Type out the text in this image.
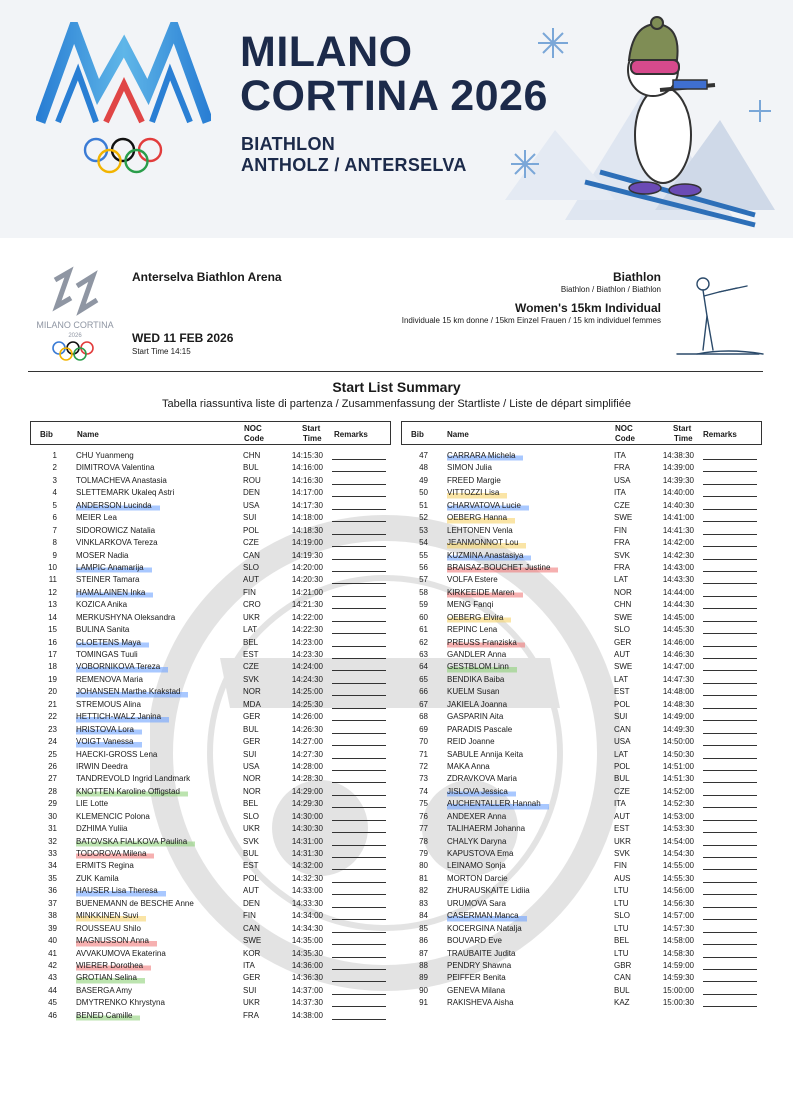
MILANO
CORTINA 2026
BIATHLON
ANTHOLZ / ANTERSELVA
MILANO CORTINA
2026
Anterselva Biathlon Arena
WED 11 FEB 2026
Start Time 14:15
Biathlon
Biathlon / Biathlon / Biathlon
Women's 15km Individual
Individuale 15 km donne / 15km Einzel Frauen / 15 km individuel femmes
Start List Summary
Tabella riassuntiva liste di partenza / Zusammenfassung der Startliste / Liste de départ simplifiée
Bib	Name
NOC
Code
Start
Time Remarks
1 CHU Yuanmeng	CHN	14:15:30
2 DIMITROVA Valentina	BUL	14:16:00
3 TOLMACHEVA Anastasia	ROU	14:16:30
4 SLETTEMARK Ukaleq Astri	DEN	14:17:00
5 ANDERSON Lucinda	USA	14:17:30
6 MEIER Lea	SUI	14:18:00
7 SIDOROWICZ Natalia	POL	14:18:30
8 VINKLARKOVA Tereza	CZE	14:19:00
9 MOSER Nadia	CAN	14:19:30
10 LAMPIC Anamarija	SLO	14:20:00
11 STEINER Tamara	AUT	14:20:30
12 HAMALAINEN Inka	FIN	14:21:00
13 KOZICA Anika	CRO	14:21:30
14 MERKUSHYNA Oleksandra	UKR	14:22:00
15 BULINA Sanita	LAT	14:22:30
16 CLOETENS Maya	BEL	14:23:00
17 TOMINGAS Tuuli	EST	14:23:30
18 VOBORNIKOVA Tereza	CZE	14:24:00
19 REMENOVA Maria	SVK	14:24:30
20 JOHANSEN Marthe Krakstad	NOR	14:25:00
21 STREMOUS Alina	MDA	14:25:30
22 HETTICH-WALZ Janina	GER	14:26:00
23 HRISTOVA Lora	BUL	14:26:30
24 VOIGT Vanessa	GER	14:27:00
25 HAECKI-GROSS Lena	SUI	14:27:30
26 IRWIN Deedra	USA	14:28:00
27 TANDREVOLD Ingrid Landmark	NOR	14:28:30
28 KNOTTEN Karoline Offigstad	NOR	14:29:00
29 LIE Lotte	BEL	14:29:30
30 KLEMENCIC Polona	SLO	14:30:00
31 DZHIMA Yuliia	UKR	14:30:30
32 BATOVSKA FIALKOVA Paulina	SVK	14:31:00
33 TODOROVA Milena	BUL	14:31:30
34 ERMITS Regina	EST	14:32:00
35 ZUK Kamila	POL	14:32:30
36 HAUSER Lisa Theresa	AUT	14:33:00
37 BUENEMANN de BESCHE Anne	DEN	14:33:30
38 MINKKINEN Suvi	FIN	14:34:00
39 ROUSSEAU Shilo	CAN	14:34:30
40 MAGNUSSON Anna	SWE	14:35:00
41 AVVAKUMOVA Ekaterina	KOR	14:35:30
42 WIERER Dorothea	ITA	14:36:00
43 GROTIAN Selina	GER	14:36:30
44 BASERGA Amy	SUI	14:37:00
45 DMYTRENKO Khrystyna	UKR	14:37:30
46 BENED Camille	FRA	14:38:00
Bib	Name
NOC
Code
Start
Time Remarks
47 CARRARA Michela	ITA	14:38:30
48 SIMON Julia	FRA	14:39:00
49 FREED Margie	USA	14:39:30
50 VITTOZZI Lisa	ITA	14:40:00
51 CHARVATOVA Lucie	CZE	14:40:30
52 OEBERG Hanna	SWE	14:41:00
53 LEHTONEN Venla	FIN	14:41:30
54 JEANMONNOT Lou	FRA	14:42:00
55 KUZMINA Anastasiya	SVK	14:42:30
56 BRAISAZ-BOUCHET Justine	FRA	14:43:00
57 VOLFA Estere	LAT	14:43:30
58 KIRKEEIDE Maren	NOR	14:44:00
59 MENG Fanqi	CHN	14:44:30
60 OEBERG Elvira	SWE	14:45:00
61 REPINC Lena	SLO	14:45:30
62 PREUSS Franziska	GER	14:46:00
63 GANDLER Anna	AUT	14:46:30
64 GESTBLOM Linn	SWE	14:47:00
65 BENDIKA Baiba	LAT	14:47:30
66 KUELM Susan	EST	14:48:00
67 JAKIELA Joanna	POL	14:48:30
68 GASPARIN Aita	SUI	14:49:00
69 PARADIS Pascale	CAN	14:49:30
70 REID Joanne	USA	14:50:00
71 SABULE Annija Keita	LAT	14:50:30
72 MAKA Anna	POL	14:51:00
73 ZDRAVKOVA Maria	BUL	14:51:30
74 JISLOVA Jessica	CZE	14:52:00
75 AUCHENTALLER Hannah	ITA	14:52:30
76 ANDEXER Anna	AUT	14:53:00
77 TALIHAERM Johanna	EST	14:53:30
78 CHALYK Daryna	UKR	14:54:00
79 KAPUSTOVA Ema	SVK	14:54:30
80 LEINAMO Sonja	FIN	14:55:00
81 MORTON Darcie	AUS	14:55:30
82 ZHURAUSKAITE Lidiia	LTU	14:56:00
83 URUMOVA Sara	LTU	14:56:30
84 CASERMAN Manca	SLO	14:57:00
85 KOCERGINA Natalja	LTU	14:57:30
86 BOUVARD Eve	BEL	14:58:00
87 TRAUBAITE Judita	LTU	14:58:30
88 PENDRY Shawna	GBR	14:59:00
89 PEIFFER Benita	CAN	14:59:30
90 GENEVA Milana	BUL	15:00:00
91 RAKISHEVA Aisha	KAZ	15:00:30
